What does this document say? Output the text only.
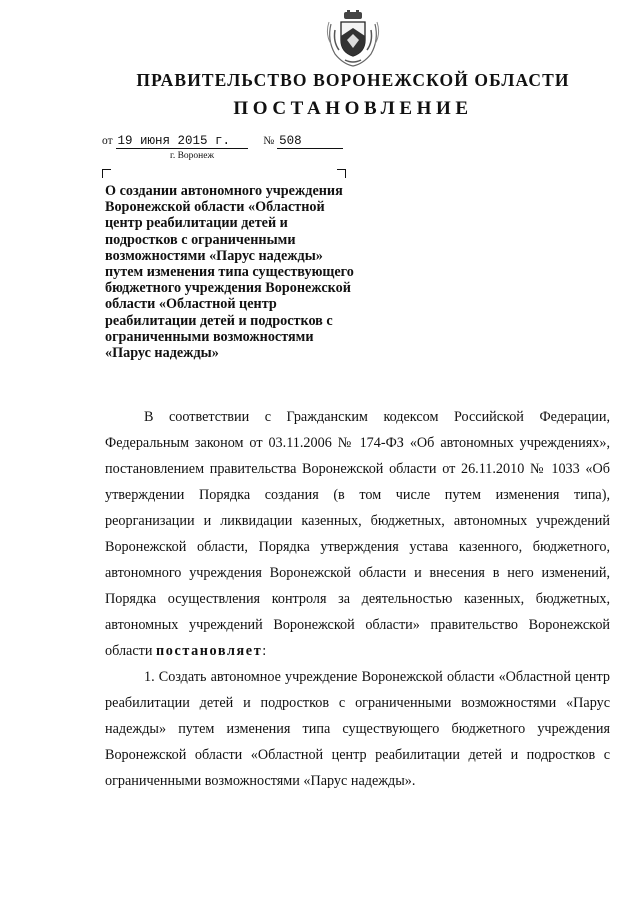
ПРАВИТЕЛЬСТВО ВОРОНЕЖСКОЙ ОБЛАСТИ
ПОСТАНОВЛЕНИЕ
от 19 июня 2015 г.	№ 508
г. Воронеж
О создании автономного учреждения
Воронежской области «Областной
центр реабилитации детей и
подростков с ограниченными
возможностями «Парус надежды»
путем изменения типа существующего
бюджетного учреждения Воронежской
области «Областной центр
реабилитации детей и подростков с
ограниченными возможностями
«Парус надежды»

В соответствии с Гражданским кодексом Российской Федерации, Федеральным законом от 03.11.2006 № 174-ФЗ «Об автономных учреждениях», постановлением правительства Воронежской области от 26.11.2010 № 1033 «Об утверждении Порядка создания (в том числе путем изменения типа), реорганизации и ликвидации казенных, бюджетных, автономных учреждений Воронежской области, Порядка утверждения устава казенного, бюджетного, автономного учреждения Воронежской области и внесения в него изменений, Порядка осуществления контроля за деятельностью казенных, бюджетных, автономных учреждений Воронежской области» правительство Воронежской области постановляет:

1. Создать автономное учреждение Воронежской области «Областной центр реабилитации детей и подростков с ограниченными возможностями «Парус надежды» путем изменения типа существующего бюджетного учреждения Воронежской области «Областной центр реабилитации детей и подростков с ограниченными возможностями «Парус надежды».
